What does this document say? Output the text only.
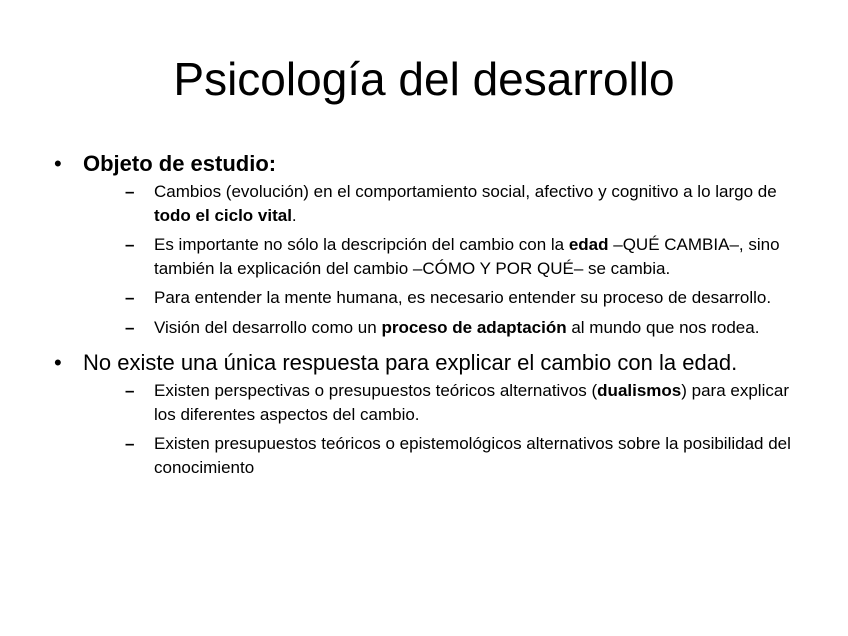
Psicología del desarrollo
• Objeto de estudio:
– Cambios (evolución) en el comportamiento social, afectivo y cognitivo a lo largo de todo el ciclo vital.
– Es importante no sólo la descripción del cambio con la edad –QUÉ CAMBIA–, sino también la explicación del cambio –CÓMO Y POR QUÉ– se cambia.
– Para entender la mente humana, es necesario entender su proceso de desarrollo.
– Visión del desarrollo como un proceso de adaptación al mundo que nos rodea.
• No existe una única respuesta para explicar el cambio con la edad.
– Existen perspectivas o presupuestos teóricos alternativos (dualismos) para explicar los diferentes aspectos del cambio.
– Existen presupuestos teóricos o epistemológicos alternativos sobre la posibilidad del conocimiento
